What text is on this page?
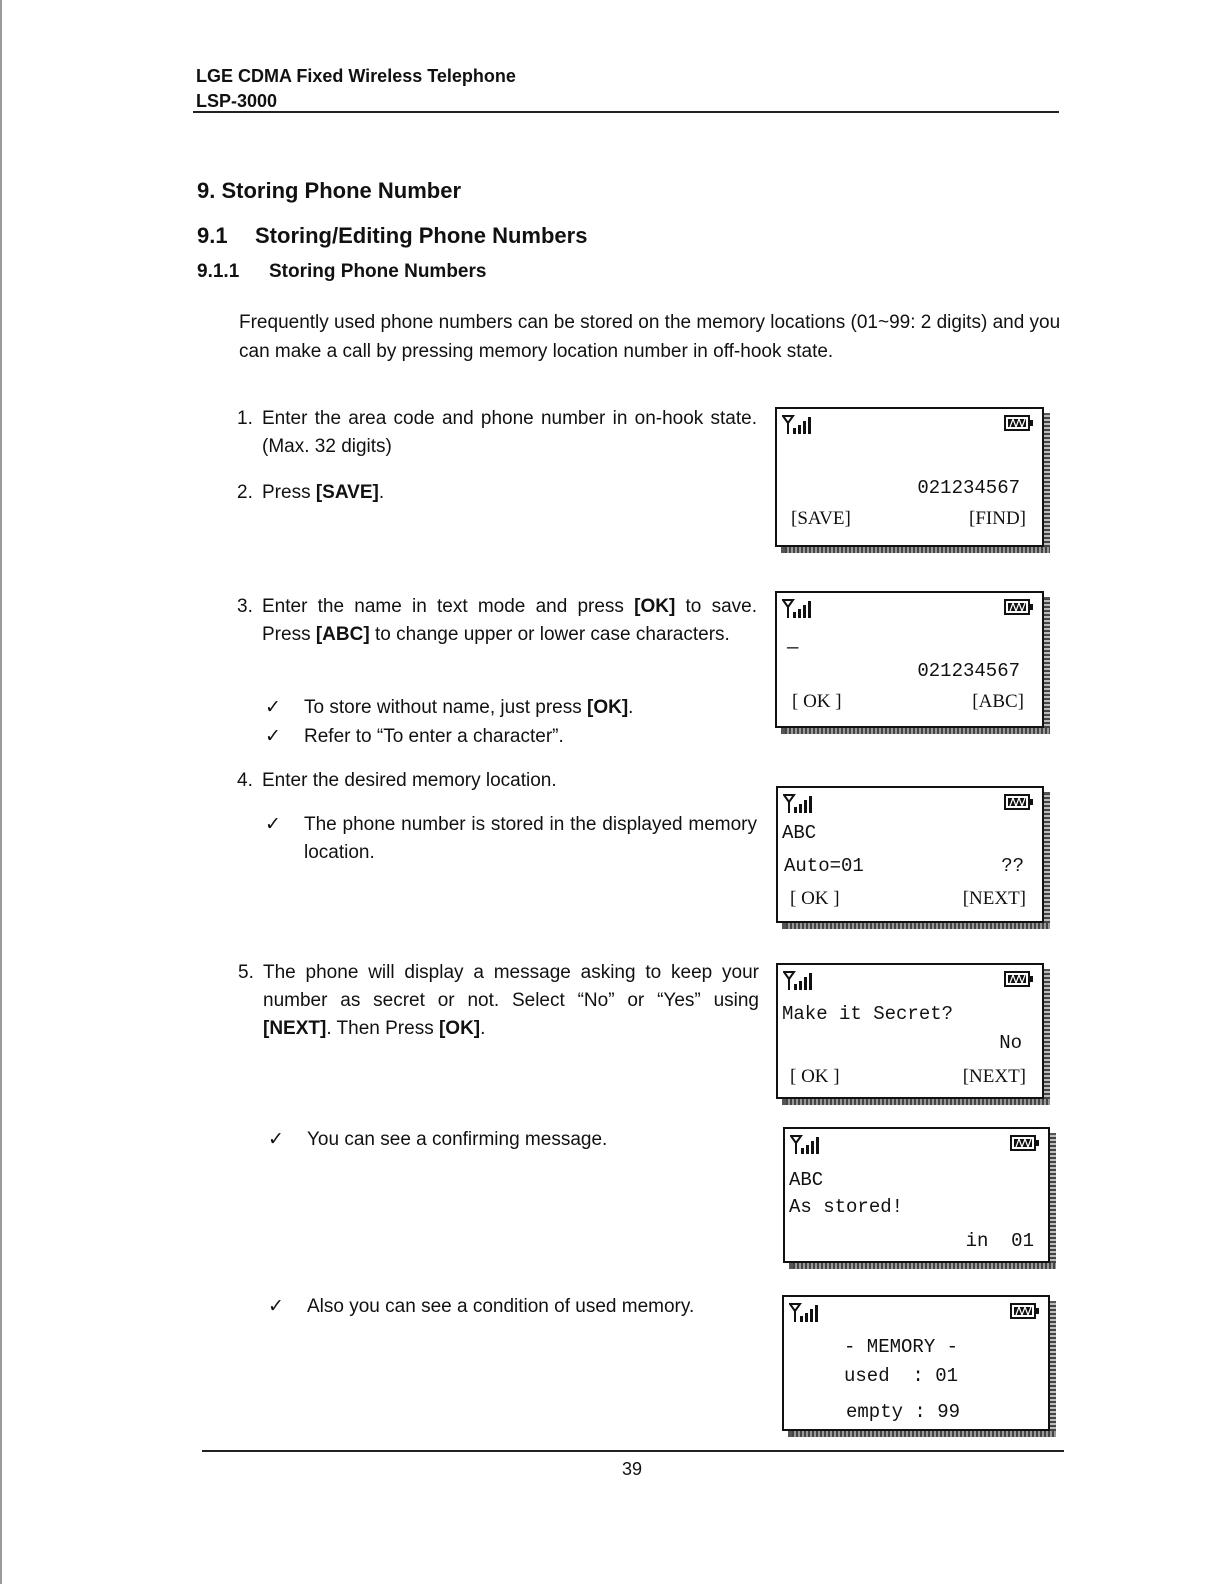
LGE CDMA Fixed Wireless Telephone
LSP-3000
9. Storing Phone Number
9.1 Storing/Editing Phone Numbers
9.1.1 Storing Phone Numbers
Frequently used phone numbers can be stored on the memory locations (01~99: 2 digits) and you can make a call by pressing memory location number in off-hook state.
1. Enter the area code and phone number in on-hook state. (Max. 32 digits)
2. Press [SAVE].
3. Enter the name in text mode and press [OK] to save. Press [ABC] to change upper or lower case characters.
✓ To store without name, just press [OK].
✓ Refer to “To enter a character”.
4. Enter the desired memory location.
✓ The phone number is stored in the displayed memory location.
5. The phone will display a message asking to keep your number as secret or not. Select “No” or “Yes” using [NEXT]. Then Press [OK].
✓ You can see a confirming message.
✓ Also you can see a condition of used memory.
021234567
[SAVE]	[FIND]
—
021234567
[ OK ]	[ABC]
ABC
Auto=01	??
[ OK ]	[NEXT]
Make it Secret?
No
[ OK ]	[NEXT]
ABC
As stored!
in  01
- MEMORY -
used  : 01
empty : 99
39
